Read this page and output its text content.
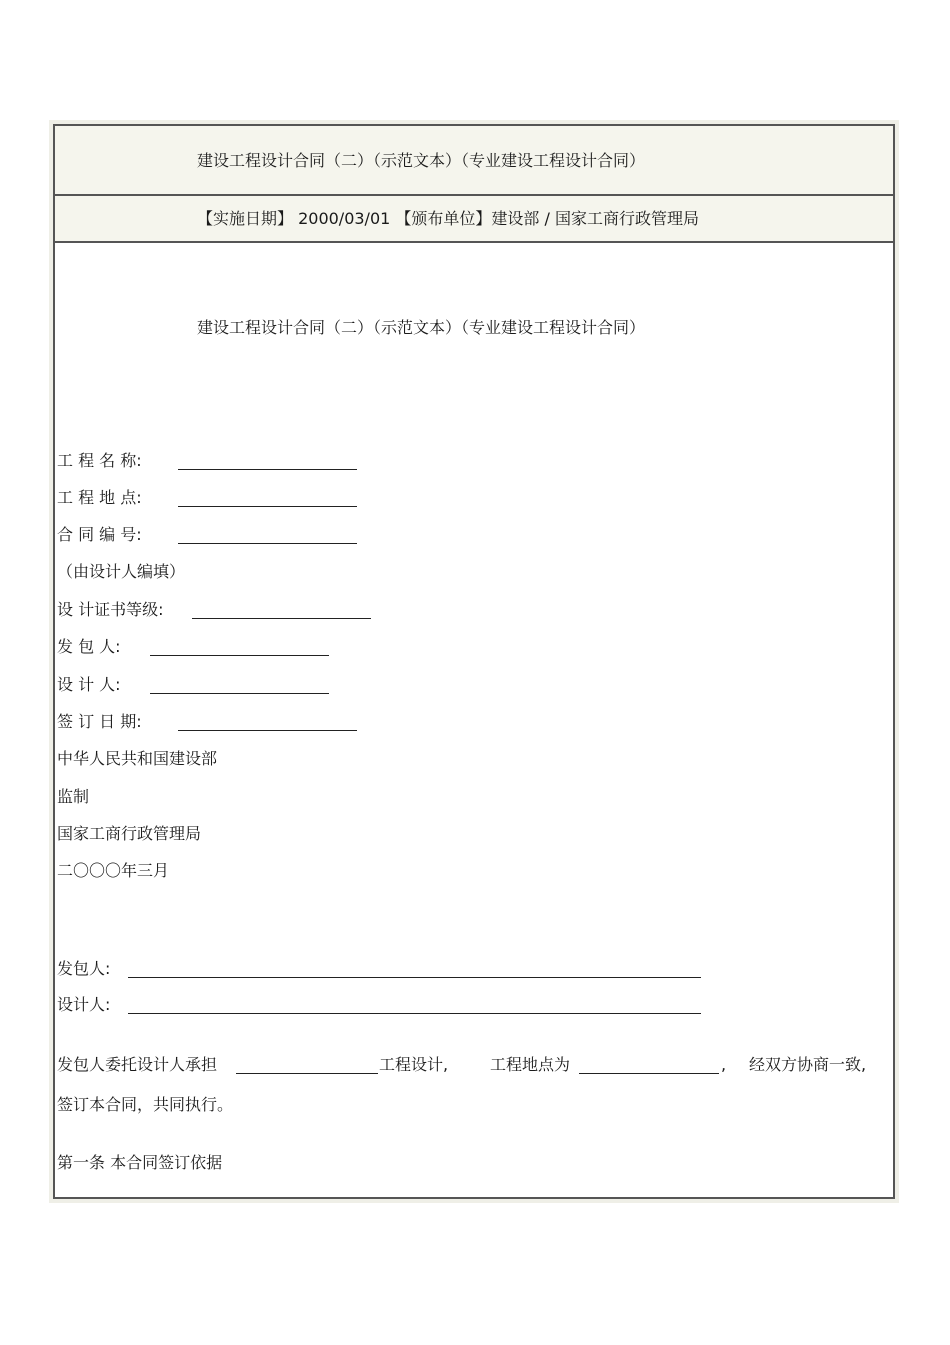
建设工程设计合同（二）（示范文本）（专业建设工程设计合同）
【实施日期】 2000/03/01 【颁布单位】建设部 / 国家工商行政管理局
建设工程设计合同（二）（示范文本）（专业建设工程设计合同）
工 程 名 称:
工 程 地 点:
合 同 编 号:
（由设计人编填）
设 计证书等级:
发 包 人:
设 计 人:
签 订 日 期:
中华人民共和国建设部
监制
国家工商行政管理局
二〇〇〇年三月
发包人:
设计人:
发包人委托设计人承担	工程设计,	工程地点为	, 经双方协商一致,
签订本合同，共同执行。
第一条 本合同签订依据
